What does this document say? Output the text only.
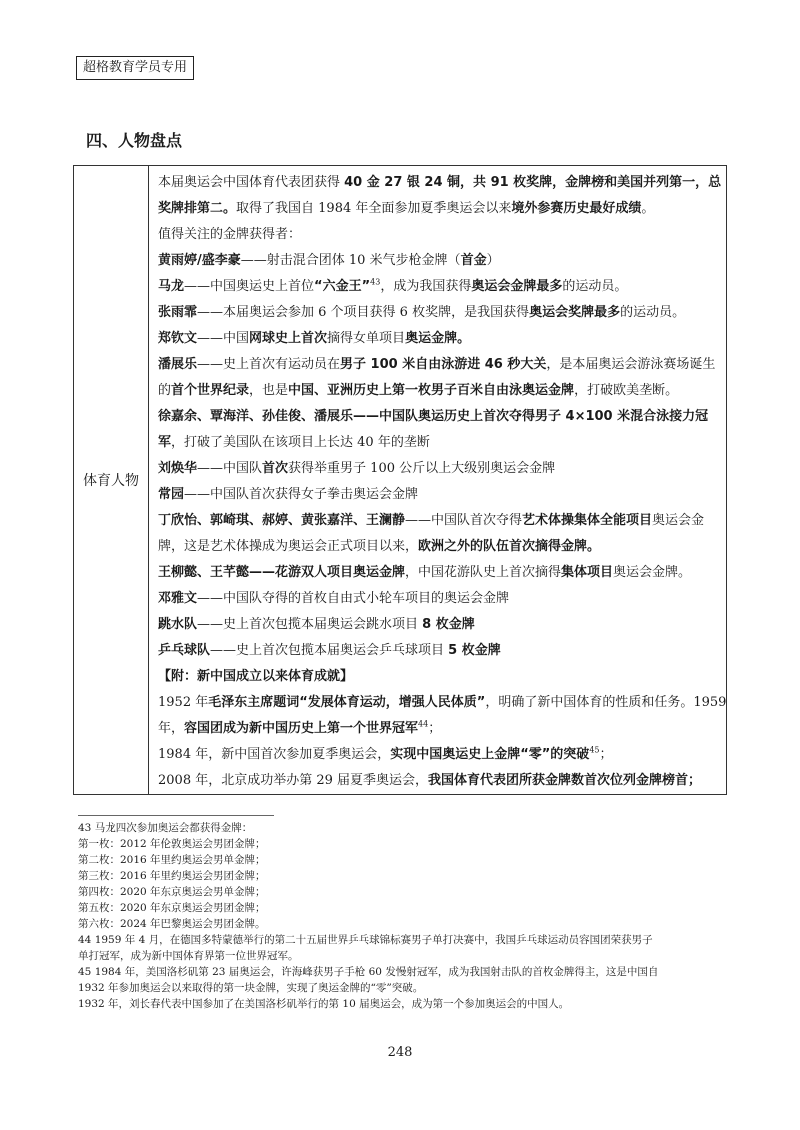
超格教育学员专用
四、人物盘点
体育人物
本届奥运会中国体育代表团获得 40 金 27 银 24 铜，共 91 枚奖牌，金牌榜和美国并列第一，总
奖牌排第二。取得了我国自 1984 年全面参加夏季奥运会以来境外参赛历史最好成绩。
值得关注的金牌获得者：
黄雨婷/盛李豪——射击混合团体 10 米气步枪金牌（首金）
马龙——中国奥运史上首位“六金王”$^{43}$，成为我国获得奥运会金牌最多的运动员。
张雨霏——本届奥运会参加 6 个项目获得 6 枚奖牌，是我国获得奥运会奖牌最多的运动员。
郑钦文——中国网球史上首次摘得女单项目奥运金牌。
潘展乐——史上首次有运动员在男子 100 米自由泳游进 46 秒大关，是本届奥运会游泳赛场诞生
的首个世界纪录，也是中国、亚洲历史上第一枚男子百米自由泳奥运金牌，打破欧美垄断。
徐嘉余、覃海洋、孙佳俊、潘展乐——中国队奥运历史上首次夺得男子 4×100 米混合泳接力冠
军，打破了美国队在该项目上长达 40 年的垄断
刘焕华——中国队首次获得举重男子 100 公斤以上大级别奥运会金牌
常园——中国队首次获得女子拳击奥运会金牌
丁欣怡、郭崎琪、郝婷、黄张嘉洋、王澜静——中国队首次夺得艺术体操集体全能项目奥运会金
牌，这是艺术体操成为奥运会正式项目以来，欧洲之外的队伍首次摘得金牌。
王柳懿、王芊懿——花游双人项目奥运金牌，中国花游队史上首次摘得集体项目奥运会金牌。
邓雅文——中国队夺得的首枚自由式小轮车项目的奥运会金牌
跳水队——史上首次包揽本届奥运会跳水项目 8 枚金牌
乒乓球队——史上首次包揽本届奥运会乒乓球项目 5 枚金牌
【附：新中国成立以来体育成就】
1952 年毛泽东主席题词“发展体育运动，增强人民体质”，明确了新中国体育的性质和任务。1959
年，容国团成为新中国历史上第一个世界冠军$^{44}$；
1984 年，新中国首次参加夏季奥运会，实现中国奥运史上金牌“零”的突破$^{45}$；
2008 年，北京成功举办第 29 届夏季奥运会，我国体育代表团所获金牌数首次位列金牌榜首；
43 马龙四次参加奥运会都获得金牌：
第一枚：2012 年伦敦奥运会男团金牌；
第二枚：2016 年里约奥运会男单金牌；
第三枚：2016 年里约奥运会男团金牌；
第四枚：2020 年东京奥运会男单金牌；
第五枚：2020 年东京奥运会男团金牌；
第六枚：2024 年巴黎奥运会男团金牌。
44 1959 年 4 月，在德国多特蒙德举行的第二十五届世界乒乓球锦标赛男子单打决赛中，我国乒乓球运动员容国团荣获男子
单打冠军，成为新中国体育界第一位世界冠军。
45 1984 年，美国洛杉矶第 23 届奥运会，许海峰获男子手枪 60 发慢射冠军，成为我国射击队的首枚金牌得主，这是中国自
1932 年参加奥运会以来取得的第一块金牌，实现了奥运金牌的“零”突破。
1932 年，刘长春代表中国参加了在美国洛杉矶举行的第 10 届奥运会，成为第一个参加奥运会的中国人。
248
